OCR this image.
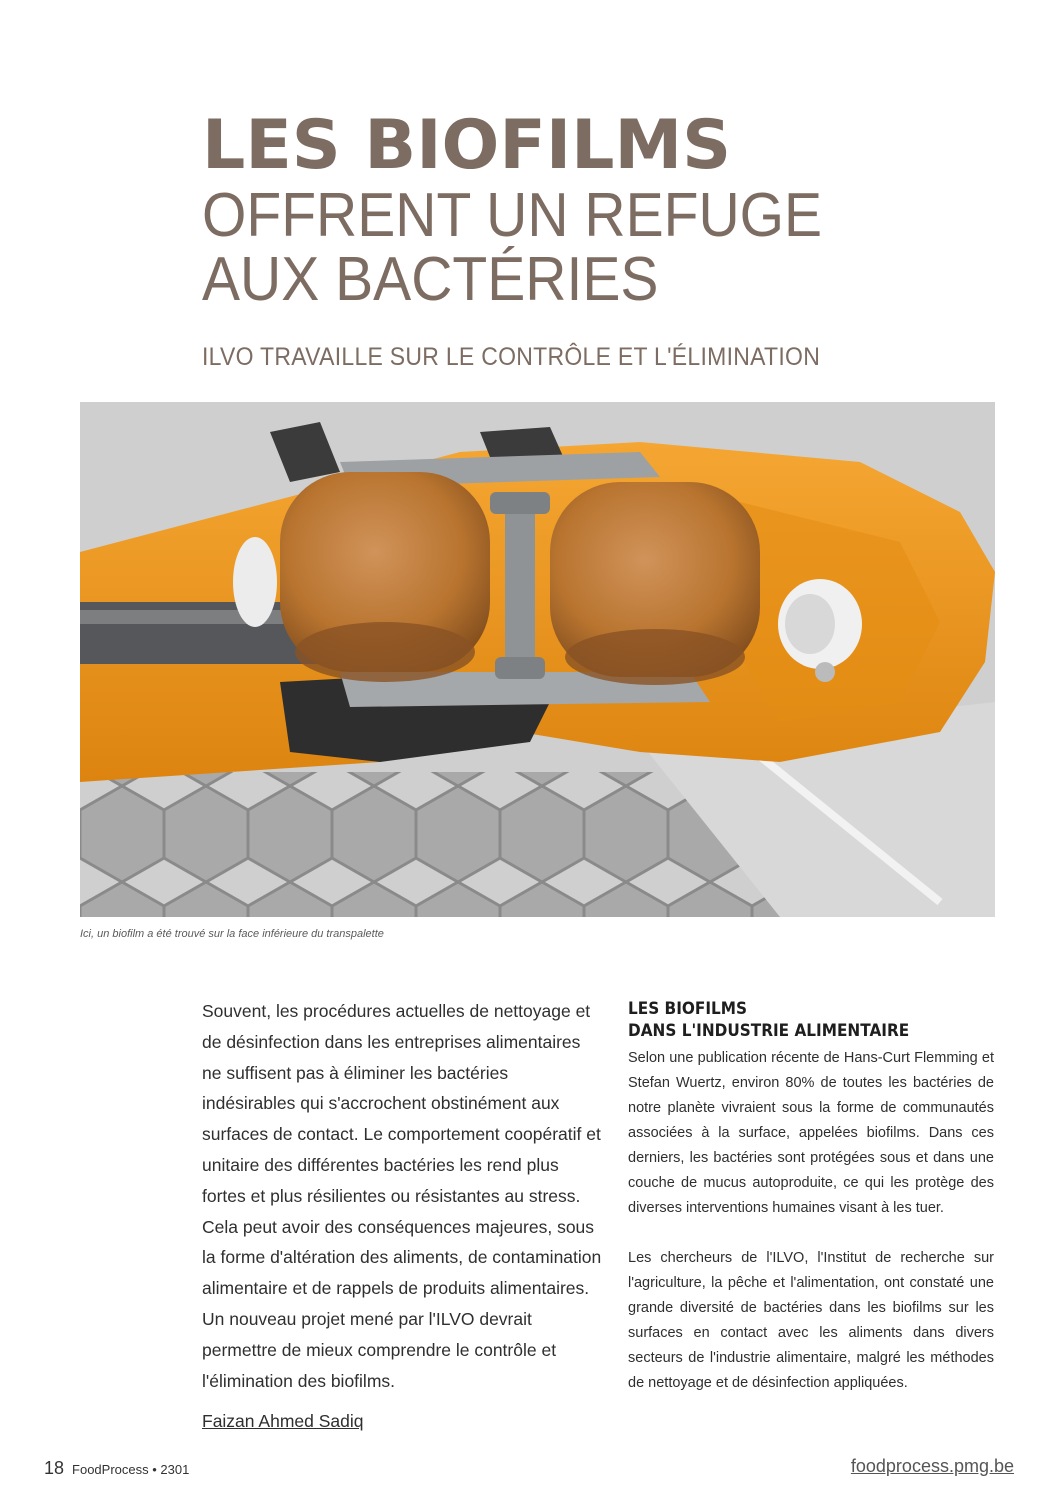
LES BIOFILMS
OFFRENT UN REFUGE
AUX BACTÉRIES
ILVO TRAVAILLE SUR LE CONTRÔLE ET L'ÉLIMINATION
Ici, un biofilm a été trouvé sur la face inférieure du transpalette

Souvent, les procédures actuelles de nettoyage et de désinfection dans les entreprises alimentaires ne suffisent pas à éliminer les bactéries indésirables qui s'accrochent obstinément aux surfaces de contact. Le comportement coopératif et unitaire des différentes bactéries les rend plus fortes et plus résilientes ou résistantes au stress. Cela peut avoir des conséquences majeures, sous la forme d'altération des aliments, de contamination alimentaire et de rappels de produits alimentaires. Un nouveau projet mené par l'ILVO devrait permettre de mieux comprendre le contrôle et l'élimination des biofilms.

Faizan Ahmed Sadiq
LES BIOFILMS
DANS L'INDUSTRIE ALIMENTAIRE

Selon une publication récente de Hans-Curt Flemming et Stefan Wuertz, environ 80% de toutes les bactéries de notre planète vivraient sous la forme de communautés associées à la surface, appelées biofilms. Dans ces derniers, les bactéries sont protégées sous et dans une couche de mucus autoproduite, ce qui les protège des diverses interventions humaines visant à les tuer.

Les chercheurs de l'ILVO, l'Institut de recherche sur l'agriculture, la pêche et l'alimentation, ont constaté une grande diversité de bactéries dans les biofilms sur les surfaces en contact avec les aliments dans divers secteurs de l'industrie alimentaire, malgré les méthodes de nettoyage et de désinfection appliquées.

18 FoodProcess • 2301	foodprocess.pmg.be
